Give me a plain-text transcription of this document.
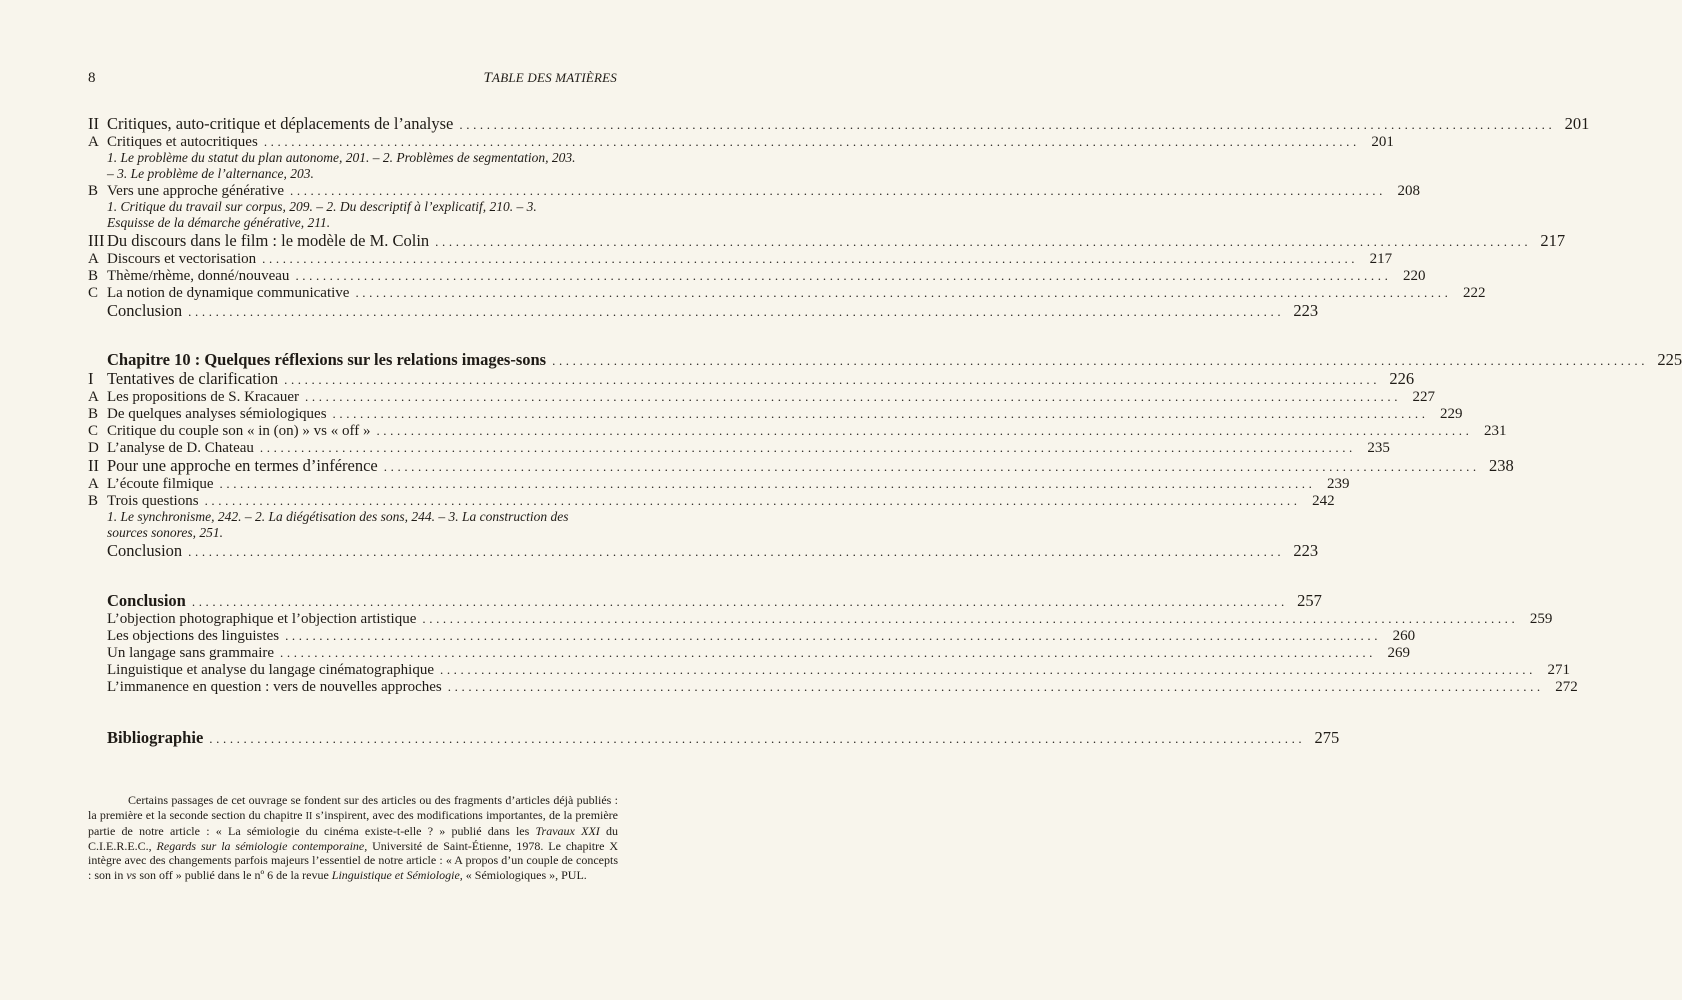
8	TABLE DES MATIÈRES
II Critiques, auto-critique et déplacements de l’analyse ................................................................................................................................................................ 201
A Critiques et autocritiques ................................................................................................................................................................ 201
1. Le problème du statut du plan autonome, 201. – 2. Problèmes de segmentation, 203. – 3. Le problème de l’alternance, 203.
B Vers une approche générative ................................................................................................................................................................ 208
1. Critique du travail sur corpus, 209. – 2. Du descriptif à l’explicatif, 210. – 3. Esquisse de la démarche générative, 211.
III Du discours dans le film : le modèle de M. Colin ................................................................................................................................................................ 217
A Discours et vectorisation ................................................................................................................................................................ 217
B Thème/rhème, donné/nouveau ................................................................................................................................................................ 220
C La notion de dynamique communicative ................................................................................................................................................................ 222
Conclusion ................................................................................................................................................................ 223
Chapitre 10 : Quelques réflexions sur les relations images-sons ................................................................................................................................................................ 225
I Tentatives de clarification ................................................................................................................................................................ 226
A Les propositions de S. Kracauer ................................................................................................................................................................ 227
B De quelques analyses sémiologiques ................................................................................................................................................................ 229
C Critique du couple son « in (on) » vs « off » ................................................................................................................................................................ 231
D L’analyse de D. Chateau ................................................................................................................................................................ 235
II Pour une approche en termes d’inférence ................................................................................................................................................................ 238
A L’écoute filmique ................................................................................................................................................................ 239
B Trois questions ................................................................................................................................................................ 242
1. Le synchronisme, 242. – 2. La diégétisation des sons, 244. – 3. La construction des sources sonores, 251.
Conclusion ................................................................................................................................................................ 223
Conclusion ................................................................................................................................................................ 257
L’objection photographique et l’objection artistique ................................................................................................................................................................ 259
Les objections des linguistes ................................................................................................................................................................ 260
Un langage sans grammaire ................................................................................................................................................................ 269
Linguistique et analyse du langage cinématographique ................................................................................................................................................................ 271
L’immanence en question : vers de nouvelles approches ................................................................................................................................................................ 272
Bibliographie ................................................................................................................................................................ 275
Certains passages de cet ouvrage se fondent sur des articles ou des fragments d’articles déjà publiés : la première et la seconde section du chapitre II s’inspirent, avec des modifications importantes, de la première partie de notre article : « La sémiologie du cinéma existe-t-elle ? » publié dans les Travaux XXI du C.I.E.R.E.C., Regards sur la sémiologie contemporaine, Université de Saint-Étienne, 1978. Le chapitre X intègre avec des changements parfois majeurs l’essentiel de notre article : « A propos d’un couple de concepts : son in vs son off » publié dans le nº 6 de la revue Linguistique et Sémiologie, « Sémiologiques », PUL.
